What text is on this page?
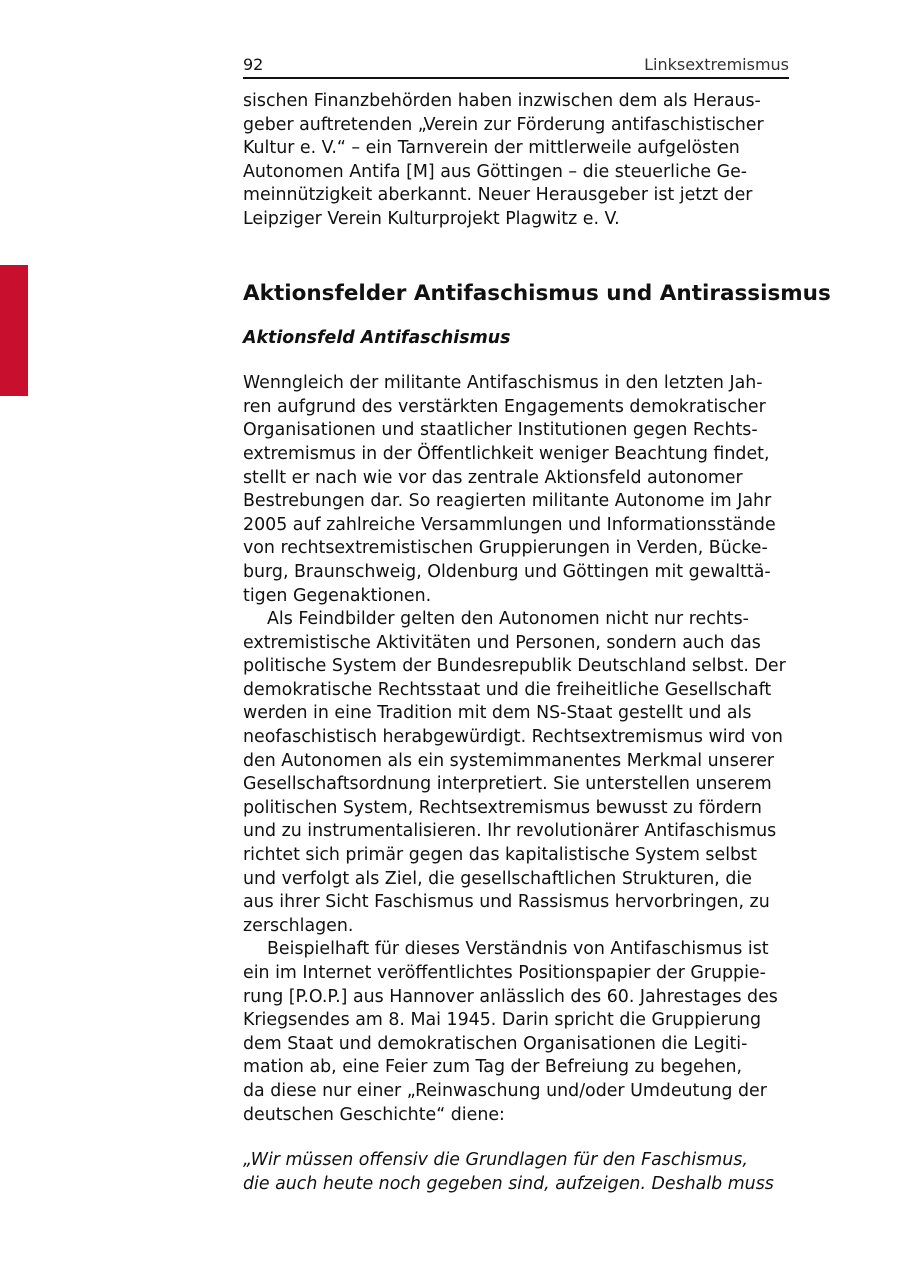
92	Linksextremismus
sischen Finanzbehörden haben inzwischen dem als Heraus-
geber auftretenden „Verein zur Förderung antifaschistischer
Kultur e. V.“ – ein Tarnverein der mittlerweile aufgelösten
Autonomen Antifa [M] aus Göttingen – die steuerliche Ge-
meinnützigkeit aberkannt. Neuer Herausgeber ist jetzt der
Leipziger Verein Kulturprojekt Plagwitz e. V.
Aktionsfelder Antifaschismus und Antirassismus
Aktionsfeld Antifaschismus
Wenngleich der militante Antifaschismus in den letzten Jah-
ren aufgrund des verstärkten Engagements demokratischer
Organisationen und staatlicher Institutionen gegen Rechts-
extremismus in der Öffentlichkeit weniger Beachtung findet,
stellt er nach wie vor das zentrale Aktionsfeld autonomer
Bestrebungen dar. So reagierten militante Autonome im Jahr
2005 auf zahlreiche Versammlungen und Informationsstände
von rechtsextremistischen Gruppierungen in Verden, Bücke-
burg, Braunschweig, Oldenburg und Göttingen mit gewalttä-
tigen Gegenaktionen.
Als Feindbilder gelten den Autonomen nicht nur rechts-
extremistische Aktivitäten und Personen, sondern auch das
politische System der Bundesrepublik Deutschland selbst. Der
demokratische Rechtsstaat und die freiheitliche Gesellschaft
werden in eine Tradition mit dem NS-Staat gestellt und als
neofaschistisch herabgewürdigt. Rechtsextremismus wird von
den Autonomen als ein systemimmanentes Merkmal unserer
Gesellschaftsordnung interpretiert. Sie unterstellen unserem
politischen System, Rechtsextremismus bewusst zu fördern
und zu instrumentalisieren. Ihr revolutionärer Antifaschismus
richtet sich primär gegen das kapitalistische System selbst
und verfolgt als Ziel, die gesellschaftlichen Strukturen, die
aus ihrer Sicht Faschismus und Rassismus hervorbringen, zu
zerschlagen.
Beispielhaft für dieses Verständnis von Antifaschismus ist
ein im Internet veröffentlichtes Positionspapier der Gruppie-
rung [P.O.P.] aus Hannover anlässlich des 60. Jahrestages des
Kriegsendes am 8. Mai 1945. Darin spricht die Gruppierung
dem Staat und demokratischen Organisationen die Legiti-
mation ab, eine Feier zum Tag der Befreiung zu begehen,
da diese nur einer „Reinwaschung und/oder Umdeutung der
deutschen Geschichte“ diene:
„Wir müssen offensiv die Grundlagen für den Faschismus,
die auch heute noch gegeben sind, aufzeigen. Deshalb muss
